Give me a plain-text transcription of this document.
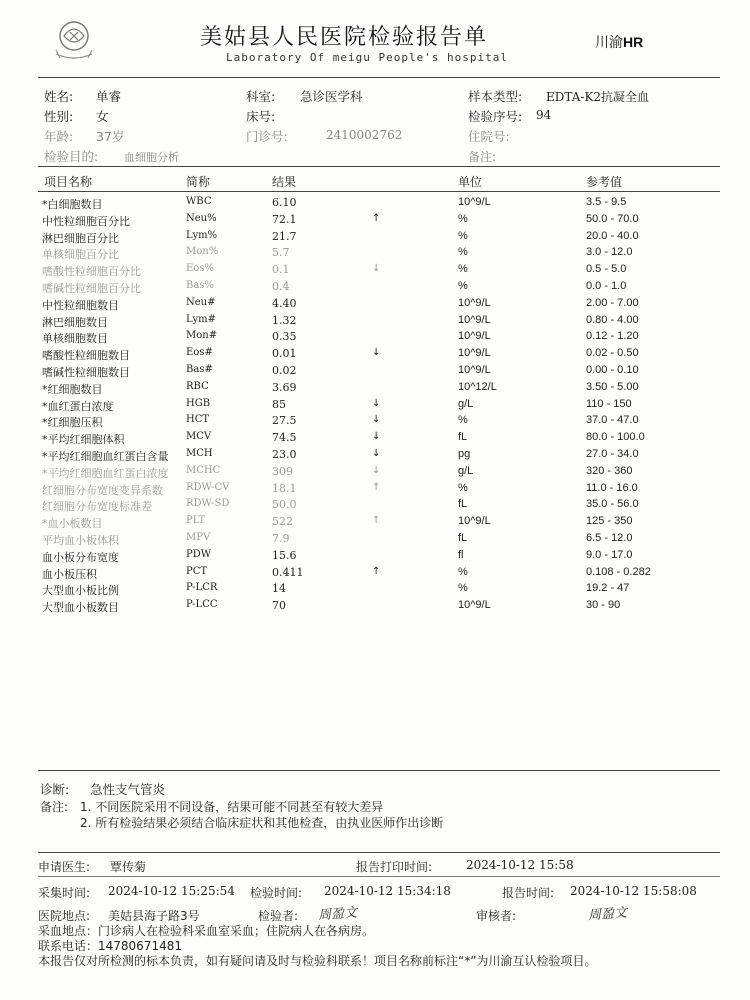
美姑县人民医院检验报告单
Laboratory Of meigu People's hospital
川渝HR
姓名: 单睿
性别: 女
年龄: 37岁
检验目的: 血细胞分析
科室: 急诊医学科
床号:
门诊号:	2410002762
样本类型: EDTA-K2抗凝全血
检验序号: 94
住院号:
备注:
项目名称	简称	结果	单位	参考值
*白细胞数目	WBC	6.10	10^9/L	3.5 - 9.5
中性粒细胞百分比	Neu%	72.1	↑	%	50.0 - 70.0
淋巴细胞百分比	Lym%	21.7	%	20.0 - 40.0
单核细胞百分比	Mon%	5.7	%	3.0 - 12.0
嗜酸性粒细胞百分比	Eos%	0.1	↓	%	0.5 - 5.0
嗜碱性粒细胞百分比	Bas%	0.4	%	0.0 - 1.0
中性粒细胞数目	Neu#	4.40	10^9/L	2.00 - 7.00
淋巴细胞数目	Lym#	1.32	10^9/L	0.80 - 4.00
单核细胞数目	Mon#	0.35	10^9/L	0.12 - 1.20
嗜酸性粒细胞数目	Eos#	0.01	↓	10^9/L	0.02 - 0.50
嗜碱性粒细胞数目	Bas#	0.02	10^9/L	0.00 - 0.10
*红细胞数目	RBC	3.69	10^12/L	3.50 - 5.00
*血红蛋白浓度	HGB	85	↓	g/L	110 - 150
*红细胞压积	HCT	27.5	↓	%	37.0 - 47.0
*平均红细胞体积	MCV	74.5	↓	fL	80.0 - 100.0
*平均红细胞血红蛋白含量 MCH	23.0	↓	pg	27.0 - 34.0
*平均红细胞血红蛋白浓度 MCHC	309	↓	g/L	320 - 360
红细胞分布宽度变异系数 RDW-CV	18.1	↑	%	11.0 - 16.0
红细胞分布宽度标准差	RDW-SD	50.0	fL	35.0 - 56.0
*血小板数目	PLT	522	↑	10^9/L	125 - 350
平均血小板体积	MPV	7.9	fL	6.5 - 12.0
血小板分布宽度	PDW	15.6	fl	9.0 - 17.0
血小板压积	PCT	0.411	↑	%	0.108 - 0.282
大型血小板比例	P-LCR	14	%	19.2 - 47
大型血小板数目	P-LCC	70	10^9/L	30 - 90
诊断: 急性支气管炎
备注: 1. 不同医院采用不同设备，结果可能不同甚至有较大差异
2. 所有检验结果必须结合临床症状和其他检查，由执业医师作出诊断
申请医生: 覃传菊	报告打印时间:	2024-10-12 15:58
采集时间: 2024-10-12 15:25:54 检验时间: 2024-10-12 15:34:18	报告时间: 2024-10-12 15:58:08
医院地点: 美姑县海子路3号	检验者: 周盈文	审核者:	周盈文
采血地点：门诊病人在检验科采血室采血；住院病人在各病房。
联系电话：14780671481
本报告仅对所检测的标本负责，如有疑问请及时与检验科联系！项目名称前标注“*”为川渝互认检验项目。
